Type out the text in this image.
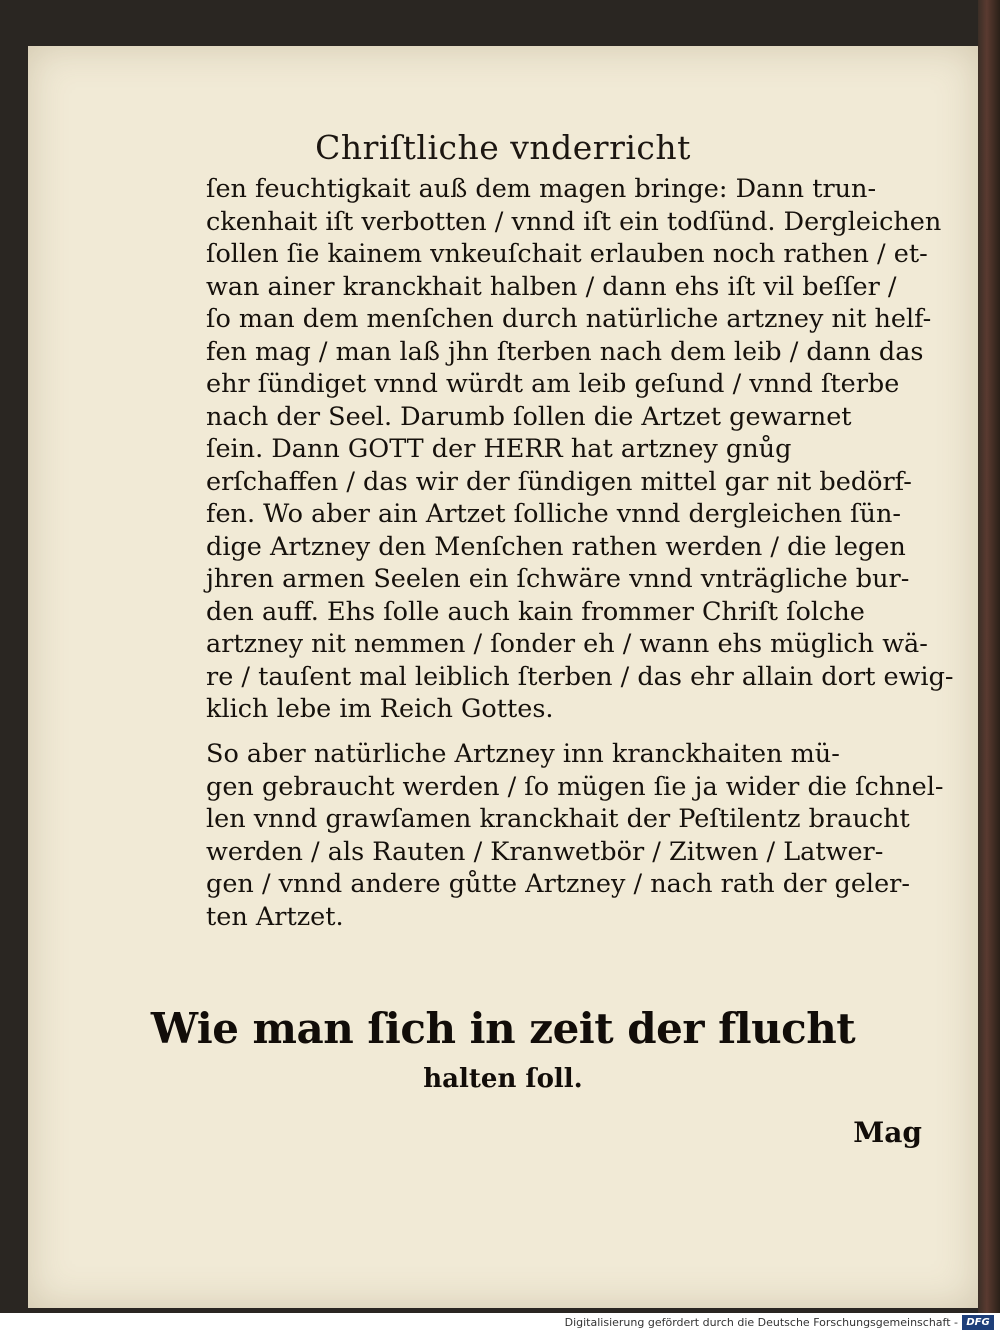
Chriſtliche vnderricht
ſen feuchtigkait auß dem magen bringe: Dann trun-
ckenhait iſt verbotten / vnnd iſt ein todſünd. Dergleichen
ſollen ſie kainem vnkeuſchait erlauben noch rathen / et-
wan ainer kranckhait halben / dann ehs iſt vil beſſer /
ſo man dem menſchen durch natürliche artzney nit helf-
fen mag / man laß jhn ſterben nach dem leib / dann das
ehr ſündiget vnnd würdt am leib geſund / vnnd ſterbe
nach der Seel. Darumb ſollen die Artzet gewarnet
ſein. Dann GOTT der HERR hat artzney gnůg
erſchaffen / das wir der ſündigen mittel gar nit bedörf-
fen. Wo aber ain Artzet ſolliche vnnd dergleichen ſün-
dige Artzney den Menſchen rathen werden / die legen
jhren armen Seelen ein ſchwäre vnnd vnträgliche bur-
den auff. Ehs ſolle auch kain frommer Chriſt ſolche
artzney nit nemmen / ſonder eh / wann ehs müglich wä-
re / tauſent mal leiblich ſterben / das ehr allain dort ewig-
klich lebe im Reich Gottes.
So aber natürliche Artzney inn kranckhaiten mü-
gen gebraucht werden / ſo mügen ſie ja wider die ſchnel-
len vnnd grawſamen kranckhait der Peſtilentz braucht
werden / als Rauten / Kranwetbör / Zitwen / Latwer-
gen / vnnd andere gůtte Artzney / nach rath der geler-
ten Artzet.
Wie man ſich in zeit der flucht
halten ſoll.
Mag
Digitalisierung gefördert durch die Deutsche Forschungsgemeinschaft - DFG
